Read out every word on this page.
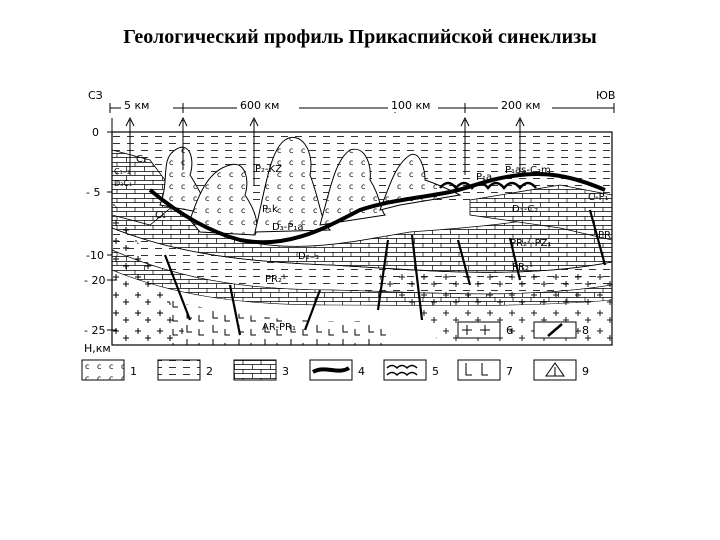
Геологический профиль Прикаспийской синеклизы
СЗ	ЮВ
5 км	600 км	100 км	200 км
0
- 5
-10
- 20
- 25
Н,км
P₂-KZ
P₁k
D₃-P₁a
D₂₋₃
PR₂¹
AR-PR₁
C₁
C₂
C₁₋₂
D₃C₁
P₁a
P₁as-C₂m
D₃-C₂
C-P₁
PR
PR₂²-PZ₁
PR₂¹
6	8
1	2	3	4	5	7	9
